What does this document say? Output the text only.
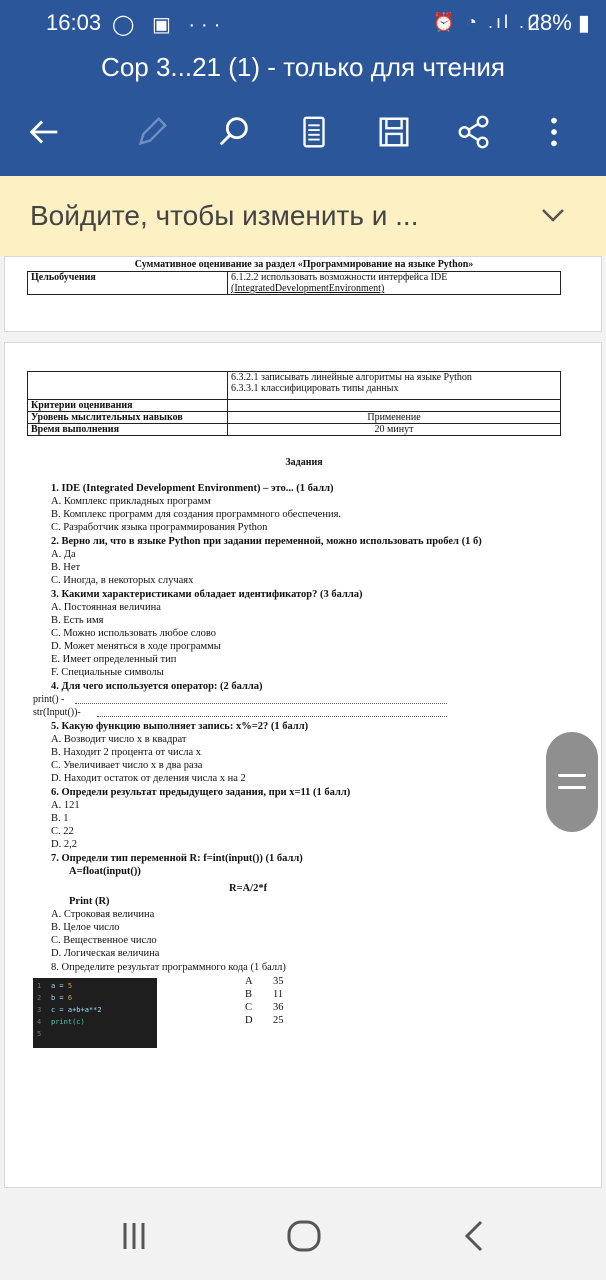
16:03 ◯ ▣ ···	⏰ ◔ .ıl .ıl
28% ▮
Сор 3...21 (1) - только для чтения
Войдите, чтобы изменить и ...
Суммативное оценивание за раздел «Программирование на языке Python»
Цельобучения	6.1.2.2 использовать возможности интерфейса IDE
(IntegratedDevelopmentEnvironment)

	6.3.2.1 записывать линейные алгоритмы на языке Python
6.3.3.1 классифицировать типы данных

Критерии оценивания	
Уровень мыслительных навыков	Применение
Время выполнения	20 минут
Задания
1. IDE (Integrated Development Environment) – это... (1 балл)
A. Комплекс прикладных программ
B. Комплекс программ для создания программного обеспечения.
C. Разработчик языка программирования Python
2. Верно ли, что в языке Python при задании переменной, можно использовать пробел (1 б)
A. Да
B. Нет
C. Иногда, в некоторых случаях
3. Какими характеристиками обладает идентификатор? (3 балла)
A. Постоянная величина
B. Есть имя
C. Можно использовать любое слово
D. Может меняться в ходе программы
E. Имеет определенный тип
F. Специальные символы
4. Для чего используется оператор: (2 балла)
print() -
str(Input())-
5. Какую функцию выполняет запись: x%=2? (1 балл)
A. Возводит число х в квадрат
B. Находит 2 процента от числа х
C. Увеличивает число х в два раза
D. Находит остаток от деления числа х на 2
6. Определи результат предыдущего задания, при x=11 (1 балл)
A. 121
B. 1
C. 22
D. 2,2
7. Определи тип переменной R: f=int(input()) (1 балл)
A=float(input())
R=A/2*f
Print (R)
A. Строковая величина
B. Целое число
C. Вещественное число
D. Логическая величина
8. Определите результат программного кода (1 балл)
1 a = 5
2 b = 6
3 c = a+b+a**2
4 print(c)
5
A 35
B 11
C 36
D 25
